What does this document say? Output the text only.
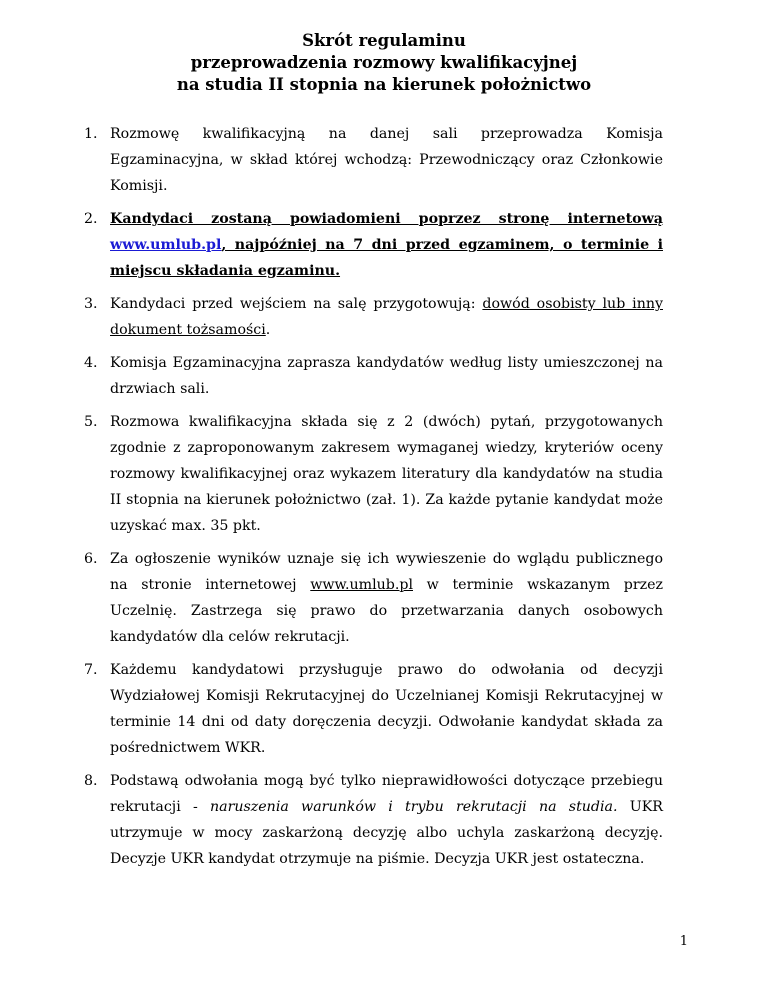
Skrót regulaminu
przeprowadzenia rozmowy kwalifikacyjnej
na studia II stopnia na kierunek położnictwo
1. Rozmowę kwalifikacyjną na danej sali przeprowadza Komisja Egzaminacyjna, w skład której wchodzą: Przewodniczący oraz Członkowie Komisji.
2. Kandydaci zostaną powiadomieni poprzez stronę internetową www.umlub.pl, najpóźniej na 7 dni przed egzaminem, o terminie i miejscu składania egzaminu.
3. Kandydaci przed wejściem na salę przygotowują: dowód osobisty lub inny dokument tożsamości.
4. Komisja Egzaminacyjna zaprasza kandydatów według listy umieszczonej na drzwiach sali.
5. Rozmowa kwalifikacyjna składa się z 2 (dwóch) pytań, przygotowanych zgodnie z zaproponowanym zakresem wymaganej wiedzy, kryteriów oceny rozmowy kwalifikacyjnej oraz wykazem literatury dla kandydatów na studia II stopnia na kierunek położnictwo (zał. 1). Za każde pytanie kandydat może uzyskać max. 35 pkt.
6. Za ogłoszenie wyników uznaje się ich wywieszenie do wglądu publicznego na stronie internetowej www.umlub.pl w terminie wskazanym przez Uczelnię. Zastrzega się prawo do przetwarzania danych osobowych kandydatów dla celów rekrutacji.
7. Każdemu kandydatowi przysługuje prawo do odwołania od decyzji Wydziałowej Komisji Rekrutacyjnej do Uczelnianej Komisji Rekrutacyjnej w terminie 14 dni od daty doręczenia decyzji. Odwołanie kandydat składa za pośrednictwem WKR.
8. Podstawą odwołania mogą być tylko nieprawidłowości dotyczące przebiegu rekrutacji - naruszenia warunków i trybu rekrutacji na studia. UKR utrzymuje w mocy zaskarżoną decyzję albo uchyla zaskarżoną decyzję. Decyzje UKR kandydat otrzymuje na piśmie. Decyzja UKR jest ostateczna.
1
